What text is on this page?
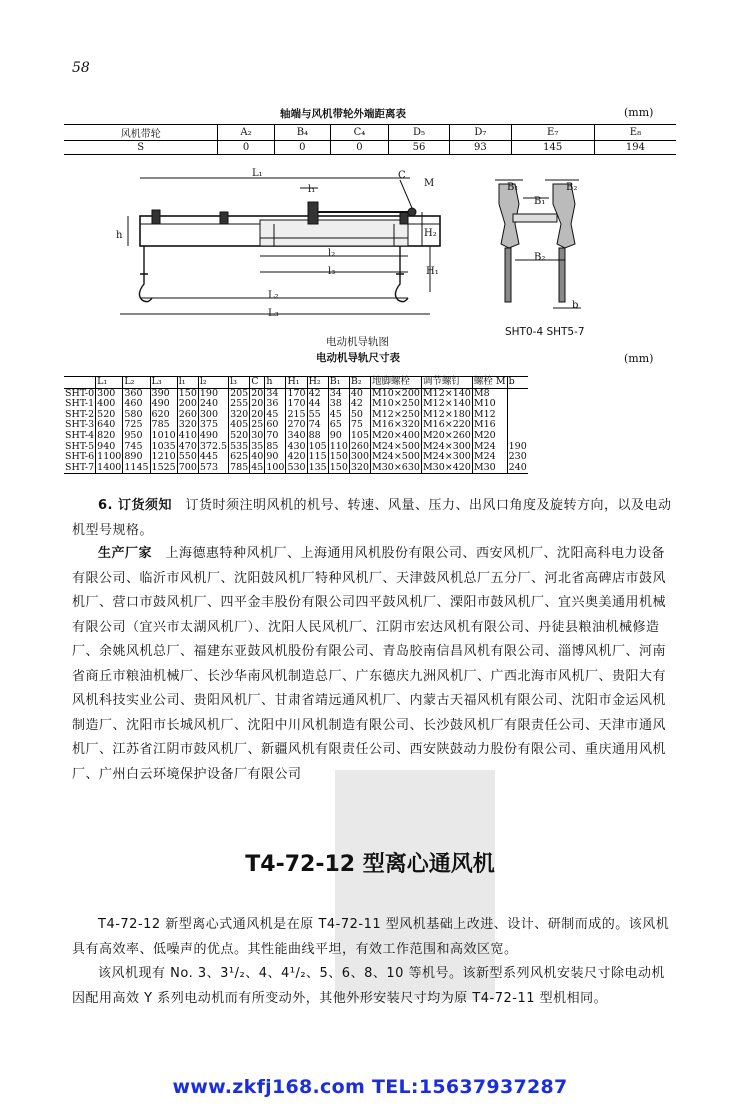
58
轴端与风机带轮外端距离表	(mm)
风机带轮	A₂	B₄	C₄	D₅	D₇	E₇	E₈
S	0	0	0	56	93	145	194
L₁
l₁
C
M
h	H₂
l₂
l₃	H₁
L₂
L₃
B₁	B₂
B₁
B₂
b
SHT0-4 SHT5-7
电动机导轨图
电动机导轨尺寸表	(mm)
	L₁	L₂	L₃	l₁	l₂	l₃	C	h	H₁	H₂	B₁	B₂	地脚螺栓	调节螺钉	螺栓 M	b
SHT-0	300	360	390	150	190	205	20	34	170	42	34	40	M10×200	M12×140	M8	
SHT-1	400	460	490	200	240	255	20	36	170	44	38	42	M10×250	M12×140	M10	
SHT-2	520	580	620	260	300	320	20	45	215	55	45	50	M12×250	M12×180	M12	
SHT-3	640	725	785	320	375	405	25	60	270	74	65	75	M16×320	M16×220	M16	
SHT-4	820	950	1010	410	490	520	30	70	340	88	90	105	M20×400	M20×260	M20	
SHT-5	940	745	1035	470	372.5	535	35	85	430	105	110	260	M24×500	M24×300	M24	190
SHT-6	1100	890	1210	550	445	625	40	90	420	115	150	300	M24×500	M24×300	M24	230
SHT-7	1400	1145	1525	700	573	785	45	100	530	135	150	320	M30×630	M30×420	M30	240
6. 订货须知　 订货时须注明风机的机号、转速、风量、压力、出风口角度及旋转方向，以及电动机型号规格。
生产厂家　 上海德惠特种风机厂、上海通用风机股份有限公司、西安风机厂、沈阳高科电力设备有限公司、临沂市风机厂、沈阳鼓风机厂特种风机厂、天津鼓风机总厂五分厂、河北省高碑店市鼓风机厂、营口市鼓风机厂、四平金丰股份有限公司四平鼓风机厂、溧阳市鼓风机厂、宜兴奥美通用机械有限公司（宜兴市太湖风机厂）、沈阳人民风机厂、江阴市宏达风机有限公司、丹徒县粮油机械修造厂、余姚风机总厂、福建东亚鼓风机股份有限公司、青岛胶南信昌风机有限公司、淄博风机厂、河南省商丘市粮油机械厂、长沙华南风机制造总厂、广东德庆九洲风机厂、广西北海市风机厂、贵阳大有风机科技实业公司、贵阳风机厂、甘肃省靖远通风机厂、内蒙古天福风机有限公司、沈阳市金运风机制造厂、沈阳市长城风机厂、沈阳中川风机制造有限公司、长沙鼓风机厂有限责任公司、天津市通风机厂、江苏省江阴市鼓风机厂、新疆风机有限责任公司、西安陕鼓动力股份有限公司、重庆通用风机厂、广州白云环境保护设备厂有限公司
T4-72-12 型离心通风机
T4-72-12 新型离心式通风机是在原 T4-72-11 型风机基础上改进、设计、研制而成的。该风机具有高效率、低噪声的优点。其性能曲线平坦，有效工作范围和高效区宽。
该风机现有 No. 3、3¹/₂、4、4¹/₂、5、6、8、10 等机号。该新型系列风机安装尺寸除电动机因配用高效 Y 系列电动机而有所变动外，其他外形安装尺寸均为原 T4-72-11 型机相同。
www.zkfj168.com TEL:15637937287
